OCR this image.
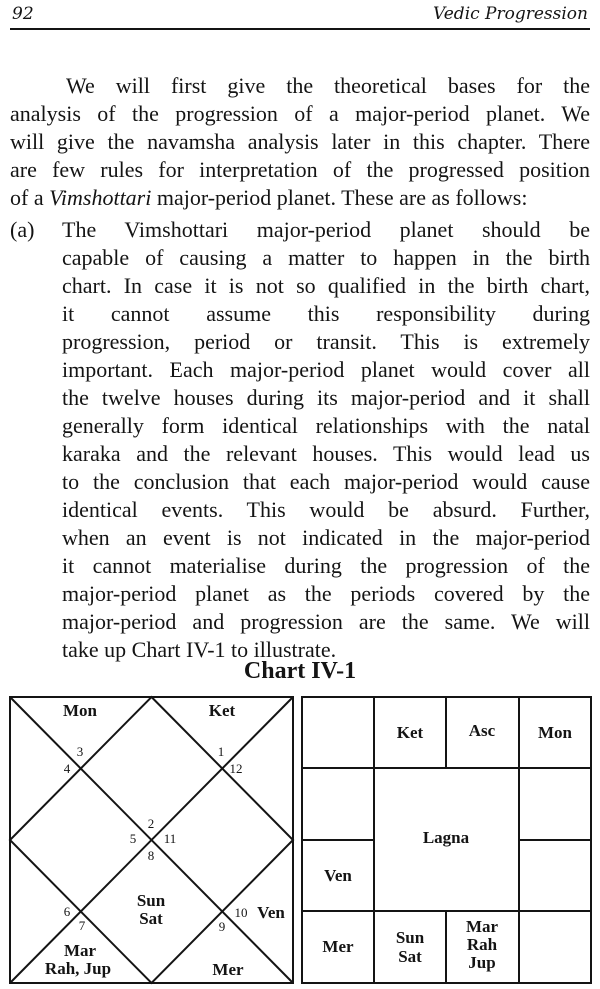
92	Vedic Progression
We will first give the theoretical bases for the
analysis of the progression of a major-period planet. We
will give the navamsha analysis later in this chapter. There
are few rules for interpretation of the progressed position
of a Vimshottari major-period planet. These are as follows:
(a) The Vimshottari major-period planet should be
capable of causing a matter to happen in the birth
chart. In case it is not so qualified in the birth chart,
it cannot assume this responsibility during
progression, period or transit. This is extremely
important. Each major-period planet would cover all
the twelve houses during its major-period and it shall
generally form identical relationships with the natal
karaka and the relevant houses. This would lead us
to the conclusion that each major-period would cause
identical events. This would be absurd. Further,
when an event is not indicated in the major-period
it cannot materialise during the progression of the
major-period planet as the periods covered by the
major-period and progression are the same. We will
take up Chart IV-1 to illustrate.
Chart IV-1
Mon	Ket
Sun
Sat	Ven
Mar
Rah, Jup	Mer
1
2
3
4
5
6
7
8
9
10
11
12
Ket	Asc	Mon
Lagna
Ven
Mer Sun
Sat
Mar
Rah
Jup
